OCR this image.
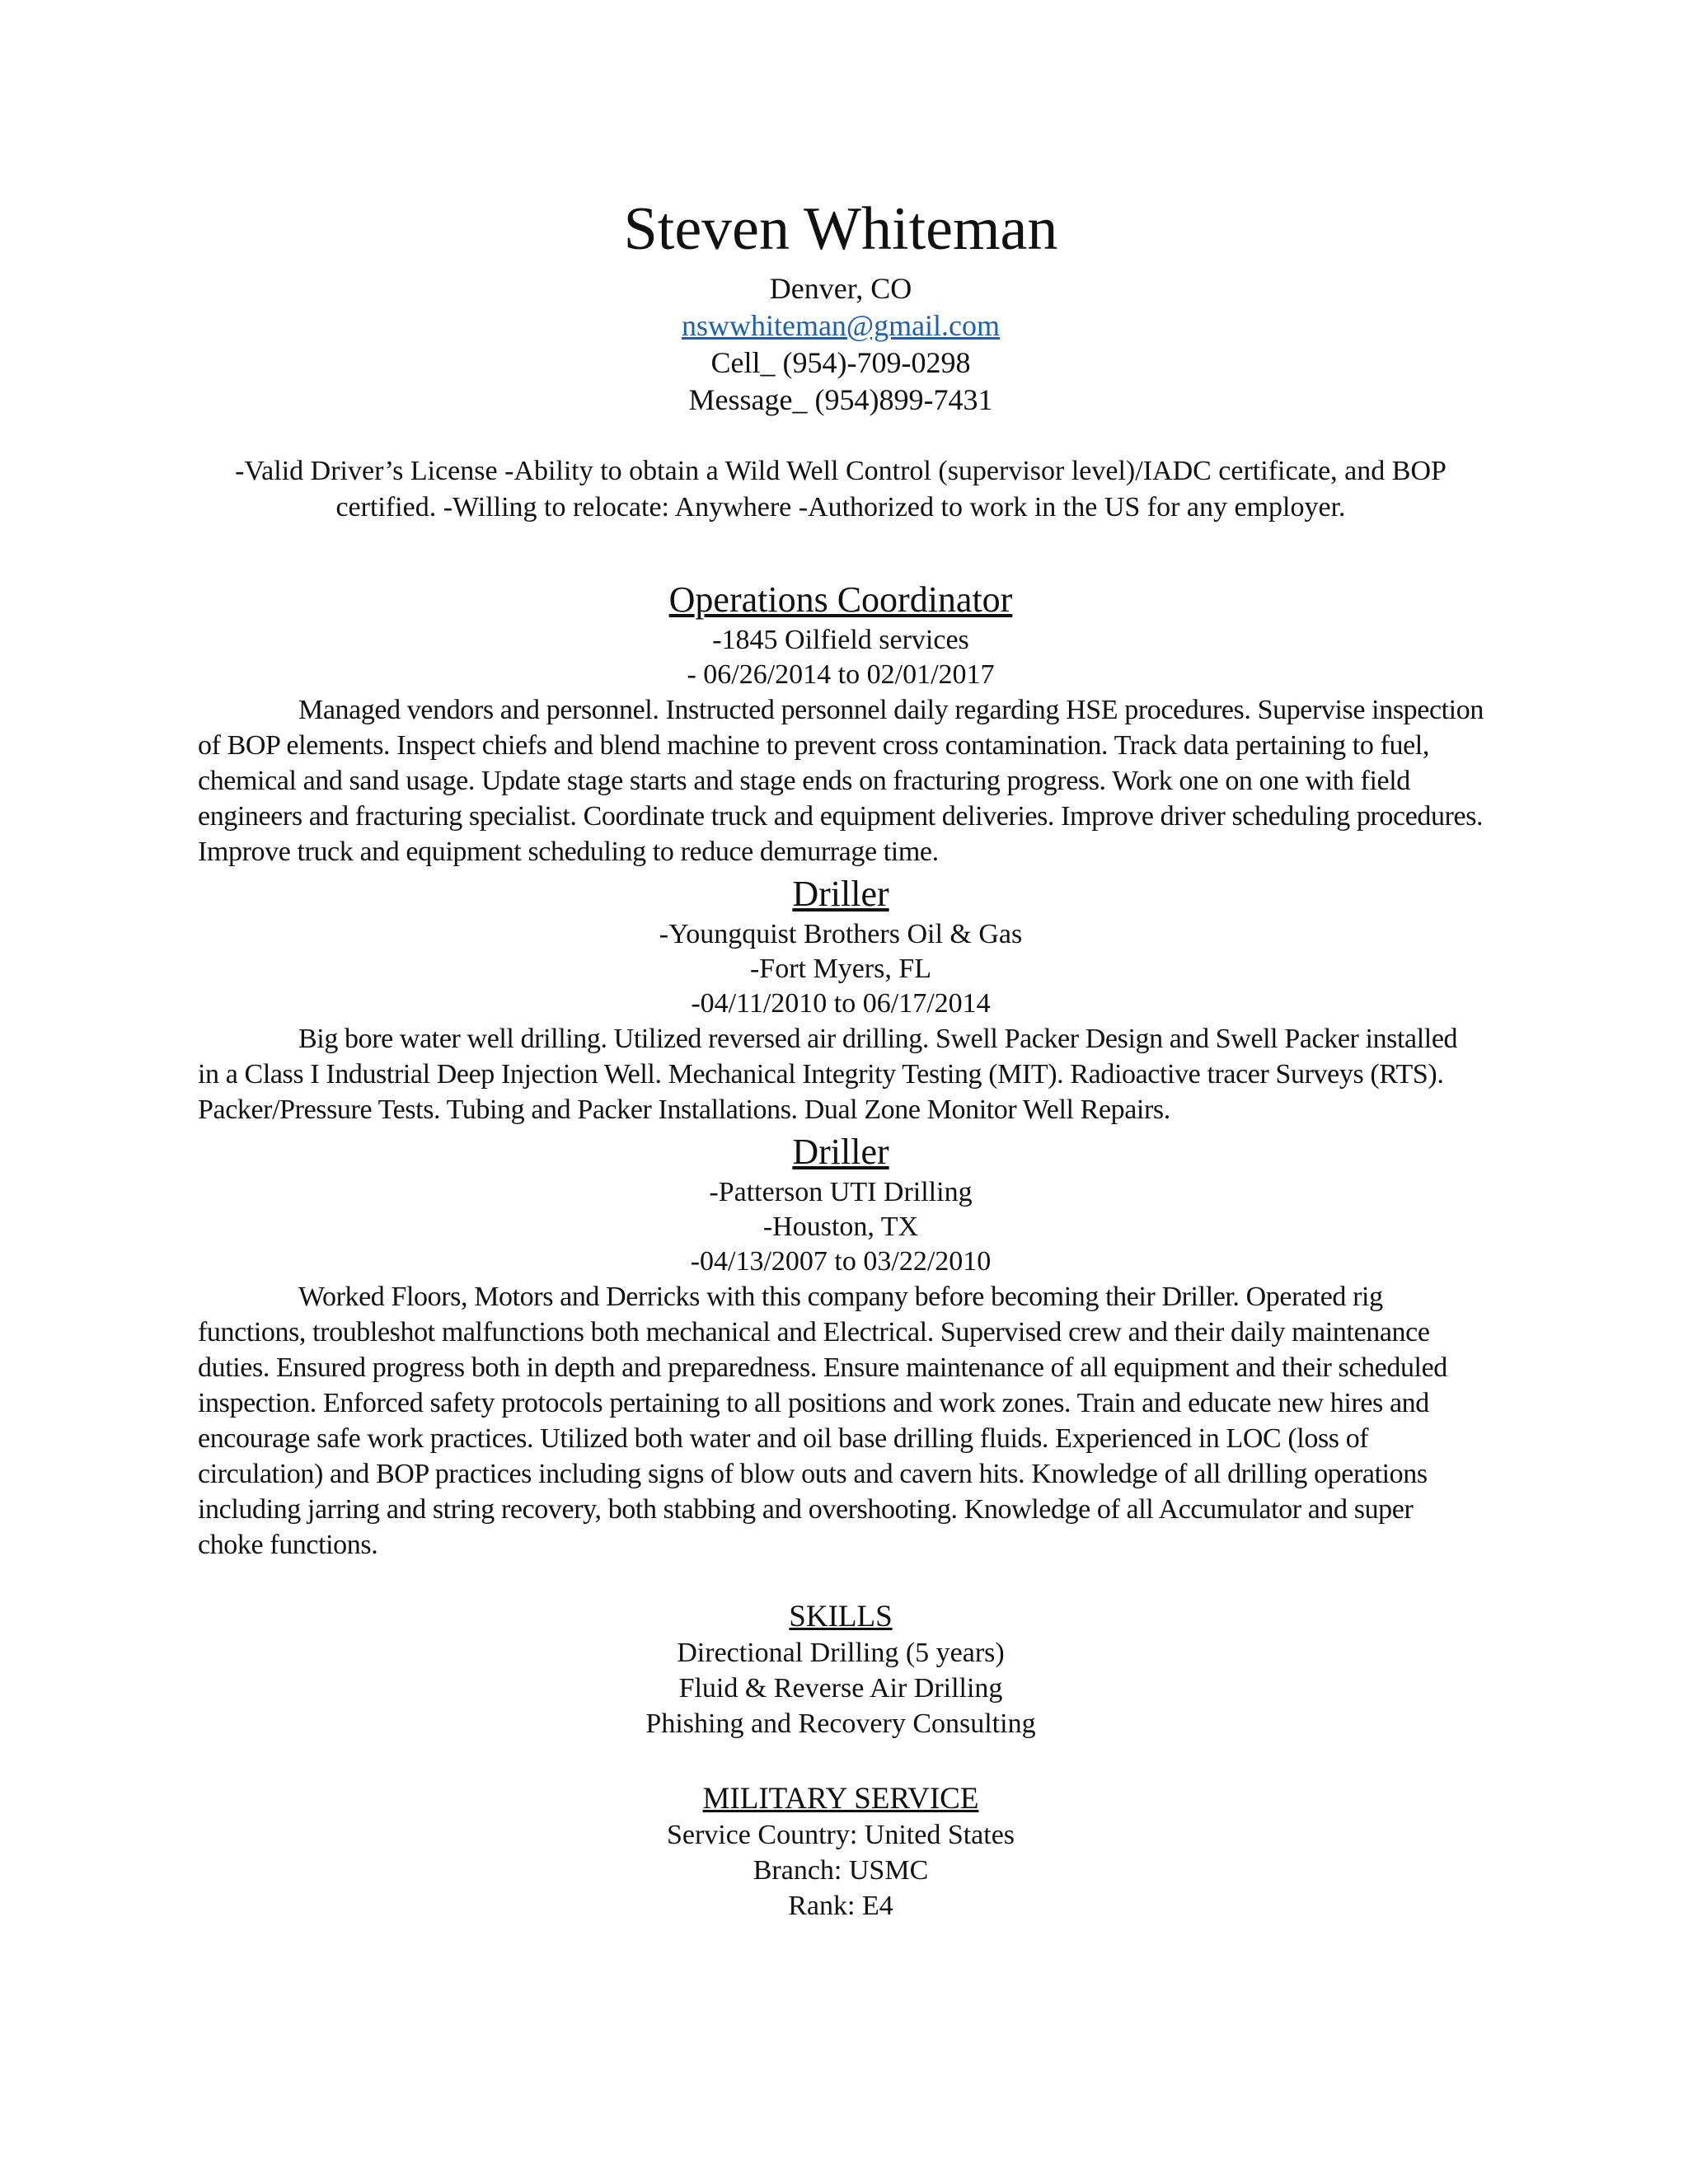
Steven Whiteman

Denver, CO

nswwhiteman@gmail.com

Cell_ (954)-709-0298

Message_ (954)899-7431

-Valid Driver’s License -Ability to obtain a Wild Well Control (supervisor level)/IADC certificate, and BOP certified. -Willing to relocate: Anywhere -Authorized to work in the US for any employer.

Operations Coordinator

-1845 Oilfield services

- 06/26/2014 to 02/01/2017

Managed vendors and personnel. Instructed personnel daily regarding HSE procedures. Supervise inspection of BOP elements. Inspect chiefs and blend machine to prevent cross contamination. Track data pertaining to fuel, chemical and sand usage. Update stage starts and stage ends on fracturing progress. Work one on one with field engineers and fracturing specialist. Coordinate truck and equipment deliveries. Improve driver scheduling procedures. Improve truck and equipment scheduling to reduce demurrage time.

Driller

-Youngquist Brothers Oil & Gas

-Fort Myers, FL

-04/11/2010 to 06/17/2014

Big bore water well drilling. Utilized reversed air drilling. Swell Packer Design and Swell Packer installed in a Class I Industrial Deep Injection Well. Mechanical Integrity Testing (MIT). Radioactive tracer Surveys (RTS). Packer/Pressure Tests. Tubing and Packer Installations. Dual Zone Monitor Well Repairs.

Driller

-Patterson UTI Drilling

-Houston, TX

-04/13/2007 to 03/22/2010

Worked Floors, Motors and Derricks with this company before becoming their Driller. Operated rig functions, troubleshot malfunctions both mechanical and Electrical. Supervised crew and their daily maintenance duties. Ensured progress both in depth and preparedness. Ensure maintenance of all equipment and their scheduled inspection. Enforced safety protocols pertaining to all positions and work zones. Train and educate new hires and encourage safe work practices. Utilized both water and oil base drilling fluids. Experienced in LOC (loss of circulation) and BOP practices including signs of blow outs and cavern hits. Knowledge of all drilling operations including jarring and string recovery, both stabbing and overshooting. Knowledge of all Accumulator and super choke functions.

SKILLS

Directional Drilling (5 years)

Fluid & Reverse Air Drilling

Phishing and Recovery Consulting

MILITARY SERVICE

Service Country: United States

Branch: USMC

Rank: E4
